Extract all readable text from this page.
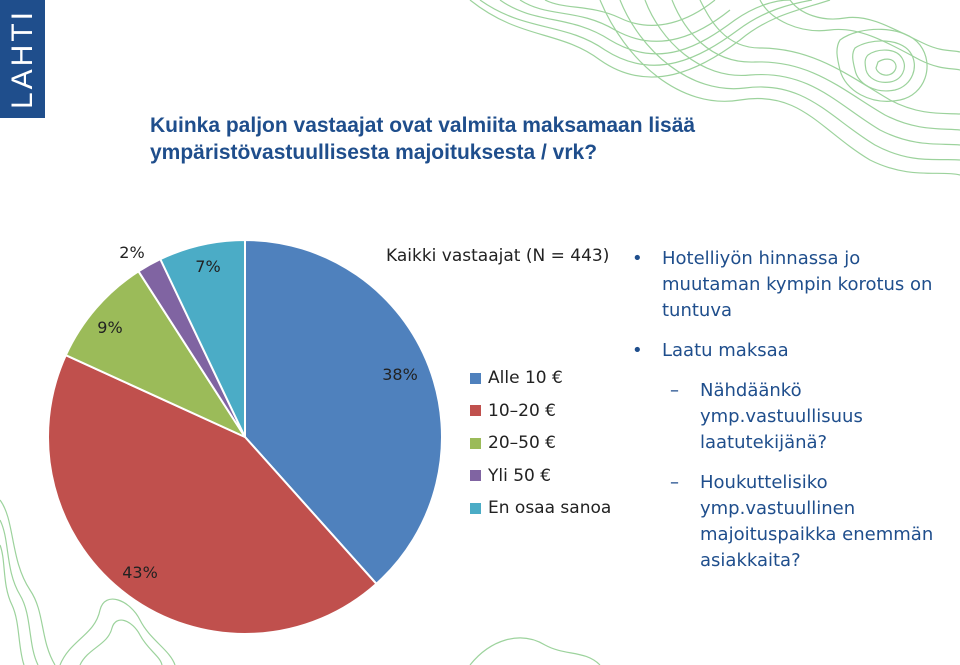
LAHTI
Kuinka paljon vastaajat ovat valmiita maksamaan lisää
ympäristövastuullisesta majoituksesta / vrk?
38%
43%
9%
2%
7%
Kaikki vastaajat (N = 443)
Alle 10 €
10–20 €
20–50 €
Yli 50 €
En osaa sanoa
• Hotelliyön hinnassa jo muutaman kympin korotus on tuntuva
• Laatu maksaa
– Nähdäänkö ymp.vastuullisuus laatutekijänä?
– Houkuttelisiko ymp.vastuullinen majoituspaikka enemmän asiakkaita?
